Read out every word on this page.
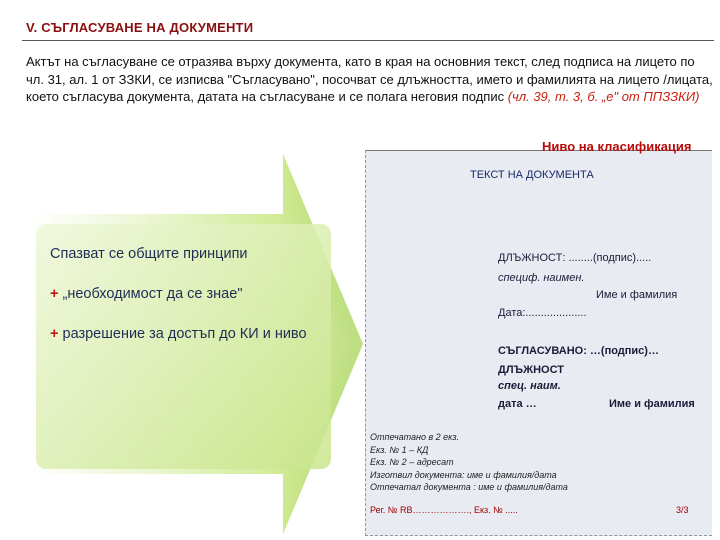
V. СЪГЛАСУВАНЕ НА ДОКУМЕНТИ
Актът на съгласуване се отразява върху документа, като в края на основния текст, след подписа на лицето по чл. 31, ал. 1 от ЗЗКИ, се изписва "Съгласувано", посочват се длъжността, името и фамилията на лицето /лицата, което съгласува документа, датата на съгласуване и се полага неговия подпис (чл. 39, т. 3, б. „е" от ППЗЗКИ)
Ниво на класификация
ТЕКСТ НА ДОКУМЕНТА
Спазват се общите принципи
+ „необходимост да се знае"
+ разрешение за достъп до КИ и ниво
ДЛЪЖНОСТ: ........(подпис).....
специф. наимен.
Име и фамилия
Дата:....................
СЪГЛАСУВАНО: …(подпис)…
ДЛЪЖНОСТ
спец. наим.
дата …	Име и фамилия
Отпечатано в 2 екз.
Екз. № 1 – КД
Екз. № 2 – адресат
Изготвил документа: име и фамилия/дата
Отпечатал документа : име и фамилия/дата
Рег. № RB………………., Екз. № .....	3/3
